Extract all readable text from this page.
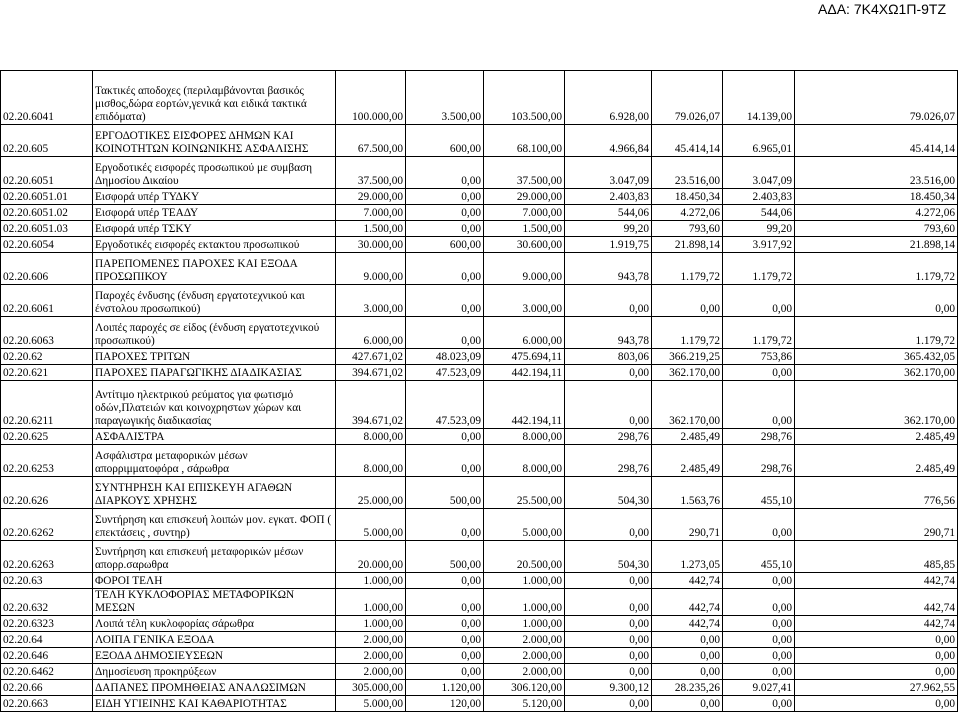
ΑΔΑ: 7Κ4ΧΩ1Π-9ΤΖ
02.20.6041	Τακτικές αποδοχες (περιλαμβάνονται βασικός μισθος,δώρα εορτών,γενικά και ειδικά τακτικά επιδόματα)	100.000,00	3.500,00	103.500,00	6.928,00	79.026,07	14.139,00	79.026,07
02.20.605	ΕΡΓΟΔΟΤΙΚΕΣ ΕΙΣΦΟΡΕΣ ΔΗΜΩΝ ΚΑΙ ΚΟΙΝΟΤΗΤΩΝ ΚΟΙΝΩΝΙΚΗΣ ΑΣΦΑΛΙΣΗΣ	67.500,00	600,00	68.100,00	4.966,84	45.414,14	6.965,01	45.414,14
02.20.6051	Εργοδοτικές εισφορές προσωπικού με συμβαση Δημοσίου Δικαίου	37.500,00	0,00	37.500,00	3.047,09	23.516,00	3.047,09	23.516,00
02.20.6051.01	Εισφορά υπέρ ΤΥΔΚΥ	29.000,00	0,00	29.000,00	2.403,83	18.450,34	2.403,83	18.450,34
02.20.6051.02	Εισφορά υπέρ ΤΕΑΔΥ	7.000,00	0,00	7.000,00	544,06	4.272,06	544,06	4.272,06
02.20.6051.03	Εισφορά υπέρ ΤΣΚΥ	1.500,00	0,00	1.500,00	99,20	793,60	99,20	793,60
02.20.6054	Εργοδοτικές εισφορές εκτακτου προσωπικού	30.000,00	600,00	30.600,00	1.919,75	21.898,14	3.917,92	21.898,14
02.20.606	ΠΑΡΕΠΟΜΕΝΕΣ ΠΑΡΟΧΕΣ ΚΑΙ ΕΞΟΔΑ ΠΡΟΣΩΠΙΚΟΥ	9.000,00	0,00	9.000,00	943,78	1.179,72	1.179,72	1.179,72
02.20.6061	Παροχές ένδυσης (ένδυση εργατοτεχνικού και ένστολου προσωπικού)	3.000,00	0,00	3.000,00	0,00	0,00	0,00	0,00
02.20.6063	Λοιπές παροχές σε είδος (ένδυση εργατοτεχνικού προσωπικού)	6.000,00	0,00	6.000,00	943,78	1.179,72	1.179,72	1.179,72
02.20.62	ΠΑΡΟΧΕΣ ΤΡΙΤΩΝ	427.671,02	48.023,09	475.694,11	803,06	366.219,25	753,86	365.432,05
02.20.621	ΠΑΡΟΧΕΣ ΠΑΡΑΓΩΓΙΚΗΣ ΔΙΑΔΙΚΑΣΙΑΣ	394.671,02	47.523,09	442.194,11	0,00	362.170,00	0,00	362.170,00
02.20.6211	Αντίτιμο ηλεκτρικού ρεύματος για φωτισμό οδών,Πλατειών και κοινοχρηστων χώρων και παραγωγικής διαδικασίας	394.671,02	47.523,09	442.194,11	0,00	362.170,00	0,00	362.170,00
02.20.625	ΑΣΦΑΛΙΣΤΡΑ	8.000,00	0,00	8.000,00	298,76	2.485,49	298,76	2.485,49
02.20.6253	Ασφάλιστρα μεταφορικών μέσων απορριμματοφόρα , σάρωθρα	8.000,00	0,00	8.000,00	298,76	2.485,49	298,76	2.485,49
02.20.626	ΣΥΝΤΗΡΗΣΗ ΚΑΙ ΕΠΙΣΚΕΥΗ ΑΓΑΘΩΝ ΔΙΑΡΚΟΥΣ ΧΡΗΣΗΣ	25.000,00	500,00	25.500,00	504,30	1.563,76	455,10	776,56
02.20.6262	Συντήρηση και επισκευή λοιπών μον. εγκατ. ΦΟΠ ( επεκτάσεις , συντηρ)	5.000,00	0,00	5.000,00	0,00	290,71	0,00	290,71
02.20.6263	Συντήρηση και επισκευή μεταφορικών μέσων απορρ.σαρωθρα	20.000,00	500,00	20.500,00	504,30	1.273,05	455,10	485,85
02.20.63	ΦΟΡΟΙ ΤΕΛΗ	1.000,00	0,00	1.000,00	0,00	442,74	0,00	442,74
02.20.632	ΤΕΛΗ ΚΥΚΛΟΦΟΡΙΑΣ ΜΕΤΑΦΟΡΙΚΩΝ ΜΕΣΩΝ	1.000,00	0,00	1.000,00	0,00	442,74	0,00	442,74
02.20.6323	Λοιπά τέλη κυκλοφορίας σάρωθρα	1.000,00	0,00	1.000,00	0,00	442,74	0,00	442,74
02.20.64	ΛΟΙΠΑ ΓΕΝΙΚΑ ΕΞΟΔΑ	2.000,00	0,00	2.000,00	0,00	0,00	0,00	0,00
02.20.646	ΕΞΟΔΑ ΔΗΜΟΣΙΕΥΣΕΩΝ	2.000,00	0,00	2.000,00	0,00	0,00	0,00	0,00
02.20.6462	Δημοσίευση προκηρύξεων	2.000,00	0,00	2.000,00	0,00	0,00	0,00	0,00
02.20.66	ΔΑΠΑΝΕΣ ΠΡΟΜΗΘΕΙΑΣ ΑΝΑΛΩΣΙΜΩΝ	305.000,00	1.120,00	306.120,00	9.300,12	28.235,26	9.027,41	27.962,55
02.20.663	ΕΙΔΗ ΥΓΙΕΙΝΗΣ ΚΑΙ ΚΑΘΑΡΙΟΤΗΤΑΣ	5.000,00	120,00	5.120,00	0,00	0,00	0,00	0,00
